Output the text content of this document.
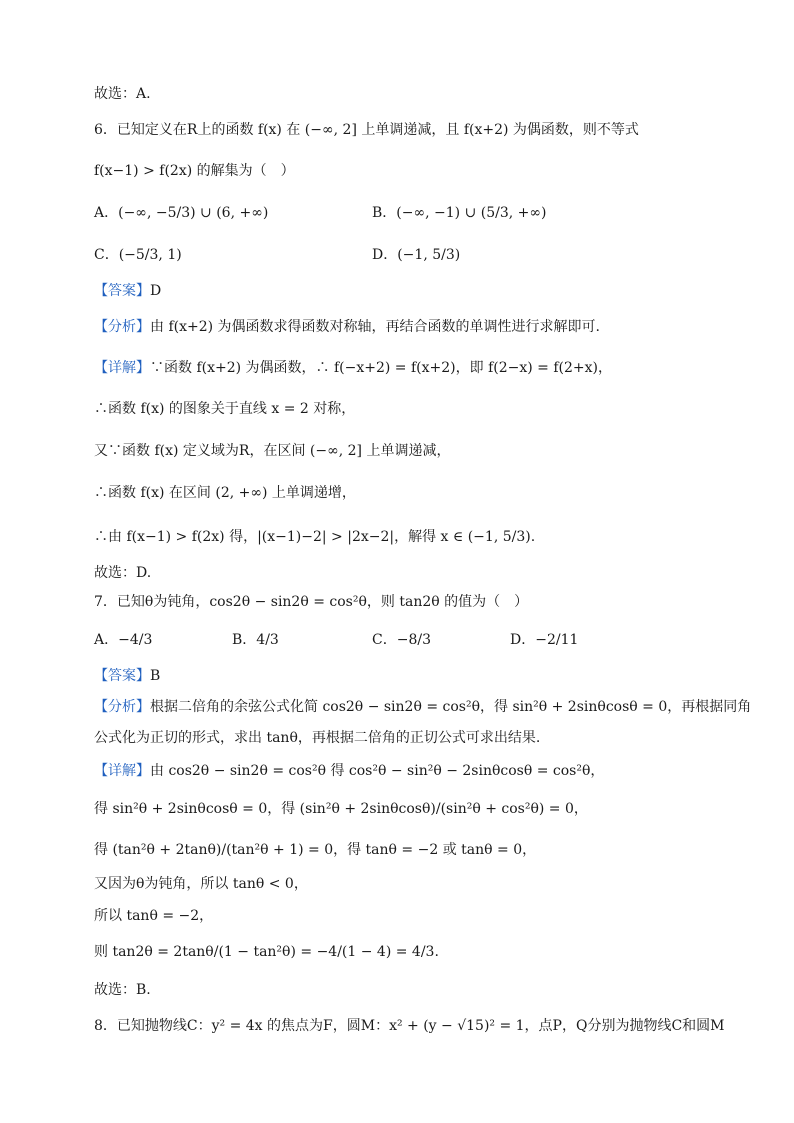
故选：A.
6．已知定义在R上的函数 f(x) 在 (−∞, 2] 上单调递减，且 f(x+2) 为偶函数，则不等式
f(x−1) > f(2x) 的解集为（　）
A．(−∞, −5/3) ∪ (6, +∞)	B．(−∞, −1) ∪ (5/3, +∞)
C．(−5/3, 1)	D．(−1, 5/3)
【答案】D
【分析】由 f(x+2) 为偶函数求得函数对称轴，再结合函数的单调性进行求解即可.
【详解】∵函数 f(x+2) 为偶函数，∴ f(−x+2) = f(x+2)，即 f(2−x) = f(2+x)，
∴函数 f(x) 的图象关于直线 x = 2 对称，
又∵函数 f(x) 定义域为R，在区间 (−∞, 2] 上单调递减，
∴函数 f(x) 在区间 (2, +∞) 上单调递增，
∴由 f(x−1) > f(2x) 得，|(x−1)−2| > |2x−2|，解得 x ∈ (−1, 5/3).
故选：D.
7．已知θ为钝角，cos2θ − sin2θ = cos²θ，则 tan2θ 的值为（　）
A．−4/3	B．4/3	C．−8/3	D．−2/11
【答案】B
【分析】根据二倍角的余弦公式化简 cos2θ − sin2θ = cos²θ，得 sin²θ + 2sinθcosθ = 0，再根据同角
公式化为正切的形式，求出 tanθ，再根据二倍角的正切公式可求出结果.
【详解】由 cos2θ − sin2θ = cos²θ 得 cos²θ − sin²θ − 2sinθcosθ = cos²θ，
得 sin²θ + 2sinθcosθ = 0，得 (sin²θ + 2sinθcosθ)/(sin²θ + cos²θ) = 0，
得 (tan²θ + 2tanθ)/(tan²θ + 1) = 0，得 tanθ = −2 或 tanθ = 0，
又因为θ为钝角，所以 tanθ < 0，
所以 tanθ = −2，
则 tan2θ = 2tanθ/(1 − tan²θ) = −4/(1 − 4) = 4/3.
故选：B.
8．已知抛物线C：y² = 4x 的焦点为F，圆M：x² + (y − √15)² = 1，点P，Q分别为抛物线C和圆M
